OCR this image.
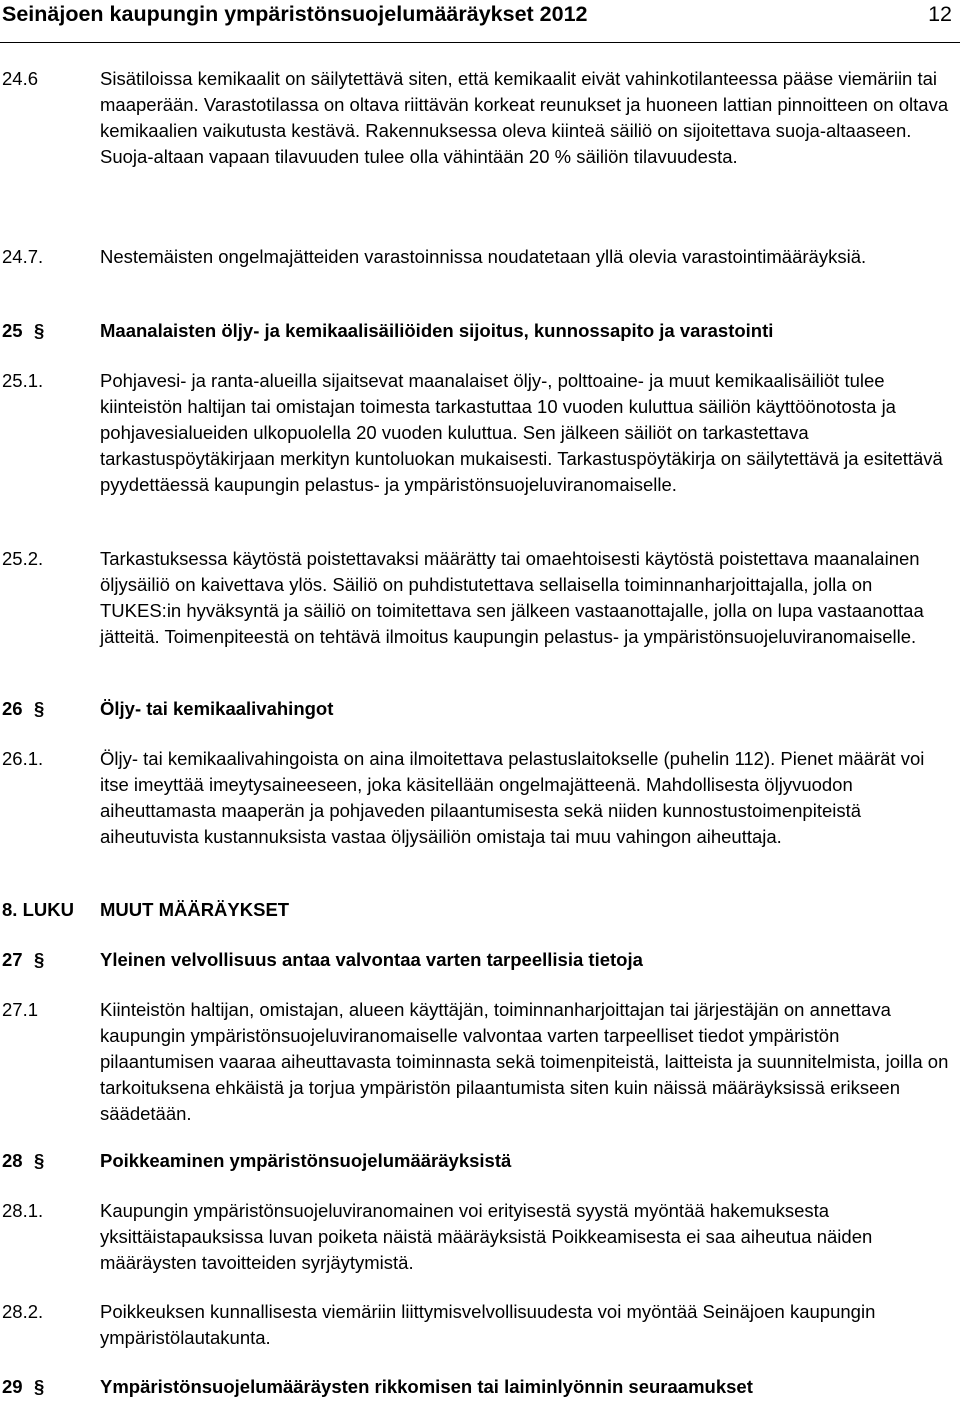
Seinäjoen kaupungin ympäristönsuojelumääräykset 2012	12
24.6	Sisätiloissa kemikaalit on säilytettävä siten, että kemikaalit eivät vahinkotilanteessa pääse viemäriin tai maaperään. Varastotilassa on oltava riittävän korkeat reunukset ja huoneen lattian pinnoitteen on oltava kemikaalien vaikutusta kestävä. Rakennuksessa oleva kiinteä säiliö on sijoitettava suoja-altaaseen. Suoja-altaan vapaan tilavuuden tulee olla vähintään 20 % säiliön tilavuudesta.
24.7.	Nestemäisten ongelmajätteiden varastoinnissa noudatetaan yllä olevia varastointimääräyksiä.
25 §	Maanalaisten öljy- ja kemikaalisäiliöiden sijoitus, kunnossapito ja varastointi
25.1.	Pohjavesi- ja ranta-alueilla sijaitsevat maanalaiset öljy-, polttoaine- ja muut kemikaalisäiliöt tulee kiinteistön haltijan tai omistajan toimesta tarkastuttaa 10 vuoden kuluttua säiliön käyttöönotosta ja pohjavesialueiden ulkopuolella 20 vuoden kuluttua. Sen jälkeen säiliöt on tarkastettava tarkastuspöytäkirjaan merkityn kuntoluokan mukaisesti. Tarkastuspöytäkirja on säilytettävä ja esitettävä pyydettäessä kaupungin pelastus- ja ympäristönsuojeluviranomaiselle.
25.2.	Tarkastuksessa käytöstä poistettavaksi määrätty tai omaehtoisesti käytöstä poistettava maanalainen öljysäiliö on kaivettava ylös. Säiliö on puhdistutettava sellaisella toiminnanharjoittajalla, jolla on TUKES:in hyväksyntä ja säiliö on toimitettava sen jälkeen vastaanottajalle, jolla on lupa vastaanottaa jätteitä. Toimenpiteestä on tehtävä ilmoitus kaupungin pelastus- ja ympäristönsuojeluviranomaiselle.
26 §	Öljy- tai kemikaalivahingot
26.1.	Öljy- tai kemikaalivahingoista on aina ilmoitettava pelastuslaitokselle (puhelin 112). Pienet määrät voi itse imeyttää imeytysaineeseen, joka käsitellään ongelmajätteenä. Mahdollisesta öljyvuodon aiheuttamasta maaperän ja pohjaveden pilaantumisesta sekä niiden kunnostustoimenpiteistä aiheutuvista kustannuksista vastaa öljysäiliön omistaja tai muu vahingon aiheuttaja.
8. LUKU MUUT MÄÄRÄYKSET
27 §	Yleinen velvollisuus antaa valvontaa varten tarpeellisia tietoja
27.1	Kiinteistön haltijan, omistajan, alueen käyttäjän, toiminnanharjoittajan tai järjestäjän on annettava kaupungin ympäristönsuojeluviranomaiselle valvontaa varten tarpeelliset tiedot ympäristön pilaantumisen vaaraa aiheuttavasta toiminnasta sekä toimenpiteistä, laitteista ja suunnitelmista, joilla on tarkoituksena ehkäistä ja torjua ympäristön pilaantumista siten kuin näissä määräyksissä erikseen säädetään.
28 §	Poikkeaminen ympäristönsuojelumääräyksistä
28.1.	Kaupungin ympäristönsuojeluviranomainen voi erityisestä syystä myöntää hakemuksesta yksittäistapauksissa luvan poiketa näistä määräyksistä Poikkeamisesta ei saa aiheutua näiden määräysten tavoitteiden syrjäytymistä.
28.2.	Poikkeuksen kunnallisesta viemäriin liittymisvelvollisuudesta voi myöntää Seinäjoen kaupungin ympäristölautakunta.
29 §	Ympäristönsuojelumääräysten rikkomisen tai laiminlyönnin seuraamukset
